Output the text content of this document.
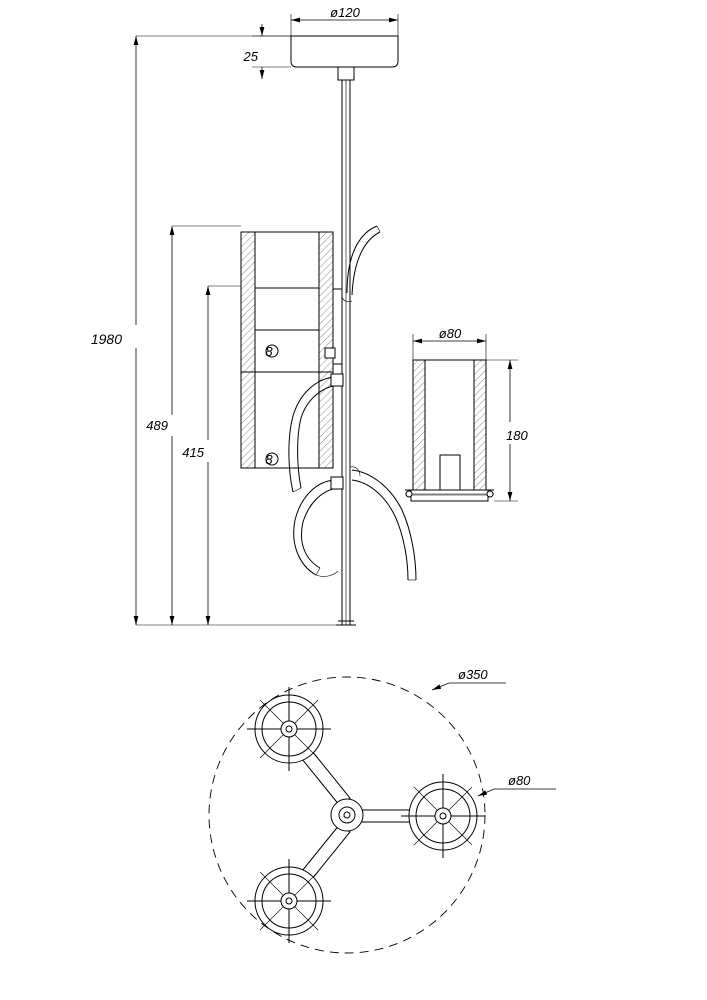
8
8
ø120
25
1980
489
415
ø80
180
ø350
ø80
